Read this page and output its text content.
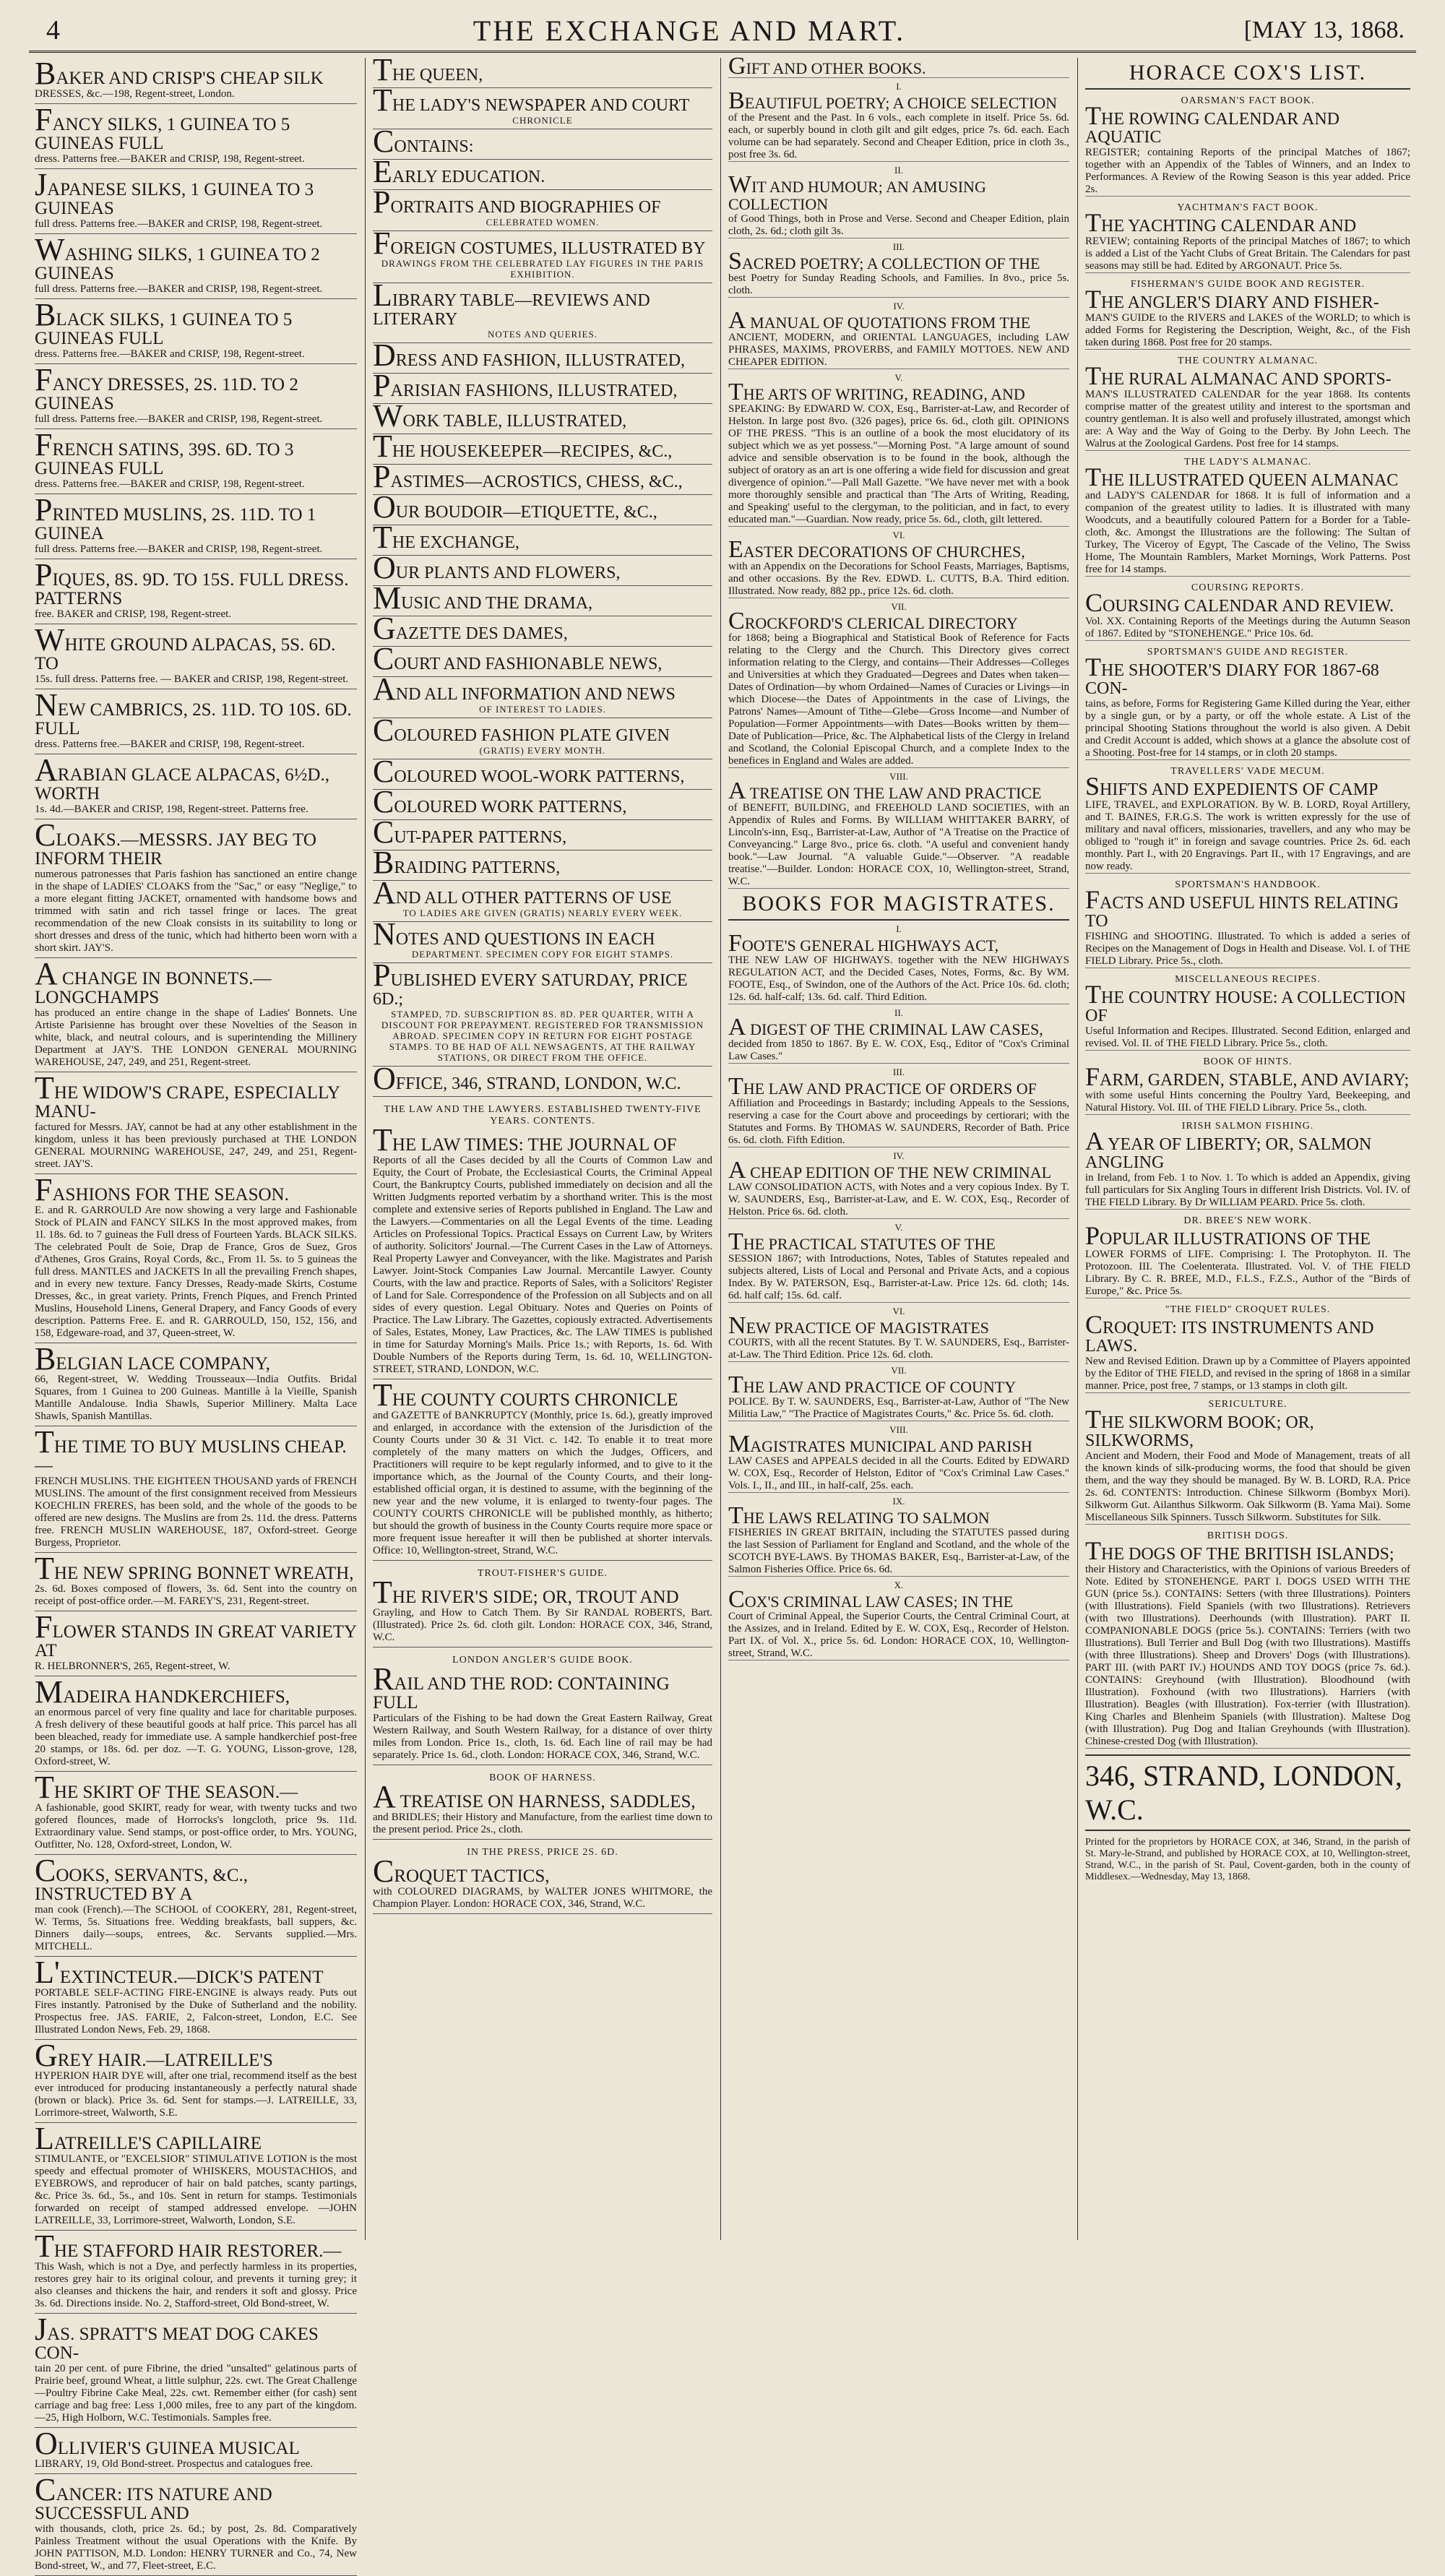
4	THE EXCHANGE AND MART.	[MAY 13, 1868.
BAKER AND CRISP'S CHEAP SILK
DRESSES, &c.—198, Regent-street, London.
FANCY SILKS, 1 GUINEA TO 5 GUINEAS FULL
dress. Patterns free.—BAKER and CRISP, 198, Regent-street.
JAPANESE SILKS, 1 GUINEA TO 3 GUINEAS
full dress. Patterns free.—BAKER and CRISP, 198, Regent-street.
WASHING SILKS, 1 GUINEA TO 2 GUINEAS
full dress. Patterns free.—BAKER and CRISP, 198, Regent-street.
BLACK SILKS, 1 GUINEA TO 5 GUINEAS FULL
dress. Patterns free.—BAKER and CRISP, 198, Regent-street.
FANCY DRESSES, 2S. 11D. TO 2 GUINEAS
full dress. Patterns free.—BAKER and CRISP, 198, Regent-street.
FRENCH SATINS, 39S. 6D. TO 3 GUINEAS FULL
dress. Patterns free.—BAKER and CRISP, 198, Regent-street.
PRINTED MUSLINS, 2S. 11D. TO 1 GUINEA
full dress. Patterns free.—BAKER and CRISP, 198, Regent-street.
PIQUES, 8S. 9D. TO 15S. FULL DRESS. PATTERNS
free. BAKER and CRISP, 198, Regent-street.
WHITE GROUND ALPACAS, 5S. 6D. TO
15s. full dress. Patterns free. — BAKER and CRISP, 198, Regent-street.
NEW CAMBRICS, 2S. 11D. TO 10S. 6D. FULL
dress. Patterns free.—BAKER and CRISP, 198, Regent-street.
ARABIAN GLACE ALPACAS, 6½D., WORTH
1s. 4d.—BAKER and CRISP, 198, Regent-street. Patterns free.
CLOAKS.—MESSRS. JAY BEG TO INFORM THEIR
numerous patronesses that Paris fashion has sanctioned an entire change in the shape of LADIES' CLOAKS from the "Sac," or easy "Neglige," to a more elegant fitting JACKET, ornamented with handsome bows and trimmed with satin and rich tassel fringe or laces. The great recommendation of the new Cloak consists in its suitability to long or short dresses and dress of the tunic, which had hitherto been worn with a short skirt. JAY'S.
A CHANGE IN BONNETS.—LONGCHAMPS
has produced an entire change in the shape of Ladies' Bonnets. Une Artiste Parisienne has brought over these Novelties of the Season in white, black, and neutral colours, and is superintending the Millinery Department at JAY'S. THE LONDON GENERAL MOURNING WAREHOUSE, 247, 249, and 251, Regent-street.
THE WIDOW'S CRAPE, ESPECIALLY MANU-
factured for Messrs. JAY, cannot be had at any other establishment in the kingdom, unless it has been previously purchased at THE LONDON GENERAL MOURNING WAREHOUSE, 247, 249, and 251, Regent-street. JAY'S.
FASHIONS FOR THE SEASON.
E. and R. GARROULD Are now showing a very large and Fashionable Stock of PLAIN and FANCY SILKS In the most approved makes, from 1l. 18s. 6d. to 7 guineas the Full dress of Fourteen Yards. BLACK SILKS. The celebrated Poult de Soie, Drap de France, Gros de Suez, Gros d'Athenes, Gros Grains, Royal Cords, &c., From 1l. 5s. to 5 guineas the full dress. MANTLES and JACKETS In all the prevailing French shapes, and in every new texture. Fancy Dresses, Ready-made Skirts, Costume Dresses, &c., in great variety. Prints, French Piques, and French Printed Muslins, Household Linens, General Drapery, and Fancy Goods of every description. Patterns Free. E. and R. GARROULD, 150, 152, 156, and 158, Edgeware-road, and 37, Queen-street, W.
BELGIAN LACE COMPANY,
66, Regent-street, W. Wedding Trousseaux—India Outfits. Bridal Squares, from 1 Guinea to 200 Guineas. Mantille à la Vieille, Spanish Mantille Andalouse. India Shawls, Superior Millinery. Malta Lace Shawls, Spanish Mantillas.
THE TIME TO BUY MUSLINS CHEAP.—
FRENCH MUSLINS. THE EIGHTEEN THOUSAND yards of FRENCH MUSLINS. The amount of the first consignment received from Messieurs KOECHLIN FRERES, has been sold, and the whole of the goods to be offered are new designs. The Muslins are from 2s. 11d. the dress. Patterns free. FRENCH MUSLIN WAREHOUSE, 187, Oxford-street. George Burgess, Proprietor.
THE NEW SPRING BONNET WREATH,
2s. 6d. Boxes composed of flowers, 3s. 6d. Sent into the country on receipt of post-office order.—M. FAREY'S, 231, Regent-street.
FLOWER STANDS IN GREAT VARIETY AT
R. HELBRONNER'S, 265, Regent-street, W.
MADEIRA HANDKERCHIEFS,
an enormous parcel of very fine quality and lace for charitable purposes. A fresh delivery of these beautiful goods at half price. This parcel has all been bleached, ready for immediate use. A sample handkerchief post-free 20 stamps, or 18s. 6d. per doz. —T. G. YOUNG, Lisson-grove, 128, Oxford-street, W.
THE SKIRT OF THE SEASON.—
A fashionable, good SKIRT, ready for wear, with twenty tucks and two gofered flounces, made of Horrocks's longcloth, price 9s. 11d. Extraordinary value. Send stamps, or post-office order, to Mrs. YOUNG, Outfitter, No. 128, Oxford-street, London, W.
COOKS, SERVANTS, &C., INSTRUCTED BY A
man cook (French).—The SCHOOL of COOKERY, 281, Regent-street, W. Terms, 5s. Situations free. Wedding breakfasts, ball suppers, &c. Dinners daily—soups, entrees, &c. Servants supplied.—Mrs. MITCHELL.
L'EXTINCTEUR.—DICK'S PATENT
PORTABLE SELF-ACTING FIRE-ENGINE is always ready. Puts out Fires instantly. Patronised by the Duke of Sutherland and the nobility. Prospectus free. JAS. FARIE, 2, Falcon-street, London, E.C. See Illustrated London News, Feb. 29, 1868.
GREY HAIR.—LATREILLE'S
HYPERION HAIR DYE will, after one trial, recommend itself as the best ever introduced for producing instantaneously a perfectly natural shade (brown or black). Price 3s. 6d. Sent for stamps.—J. LATREILLE, 33, Lorrimore-street, Walworth, S.E.
LATREILLE'S CAPILLAIRE
STIMULANTE, or "EXCELSIOR" STIMULATIVE LOTION is the most speedy and effectual promoter of WHISKERS, MOUSTACHIOS, and EYEBROWS, and reproducer of hair on bald patches, scanty partings, &c. Price 3s. 6d., 5s., and 10s. Sent in return for stamps. Testimonials forwarded on receipt of stamped addressed envelope. —JOHN LATREILLE, 33, Lorrimore-street, Walworth, London, S.E.
THE STAFFORD HAIR RESTORER.—
This Wash, which is not a Dye, and perfectly harmless in its properties, restores grey hair to its original colour, and prevents it turning grey; it also cleanses and thickens the hair, and renders it soft and glossy. Price 3s. 6d. Directions inside. No. 2, Stafford-street, Old Bond-street, W.
JAS. SPRATT'S MEAT DOG CAKES CON-
tain 20 per cent. of pure Fibrine, the dried "unsalted" gelatinous parts of Prairie beef, ground Wheat, a little sulphur, 22s. cwt. The Great Challenge—Poultry Fibrine Cake Meal, 22s. cwt. Remember either (for cash) sent carriage and bag free: Less 1,000 miles, free to any part of the kingdom.—25, High Holborn, W.C. Testimonials. Samples free.
OLLIVIER'S GUINEA MUSICAL
LIBRARY, 19, Old Bond-street. Prospectus and catalogues free.
CANCER: ITS NATURE AND SUCCESSFUL AND
with thousands, cloth, price 2s. 6d.; by post, 2s. 8d. Comparatively Painless Treatment without the usual Operations with the Knife. By JOHN PATTISON, M.D. London: HENRY TURNER and Co., 74, New Bond-street, W., and 77, Fleet-street, E.C.
THE QUEEN,
THE LADY'S NEWSPAPER AND COURT
CHRONICLE
CONTAINS:
EARLY EDUCATION.
PORTRAITS AND BIOGRAPHIES OF
CELEBRATED WOMEN.
FOREIGN COSTUMES, ILLUSTRATED BY
DRAWINGS FROM THE CELEBRATED LAY FIGURES IN THE PARIS EXHIBITION.
LIBRARY TABLE—REVIEWS AND LITERARY
NOTES AND QUERIES.
DRESS AND FASHION, ILLUSTRATED,
PARISIAN FASHIONS, ILLUSTRATED,
WORK TABLE, ILLUSTRATED,
THE HOUSEKEEPER—RECIPES, &C.,
PASTIMES—ACROSTICS, CHESS, &C.,
OUR BOUDOIR—ETIQUETTE, &C.,
THE EXCHANGE,
OUR PLANTS AND FLOWERS,
MUSIC AND THE DRAMA,
GAZETTE DES DAMES,
COURT AND FASHIONABLE NEWS,
AND ALL INFORMATION AND NEWS
OF INTEREST TO LADIES.
COLOURED FASHION PLATE GIVEN
(GRATIS) EVERY MONTH.
COLOURED WOOL-WORK PATTERNS,
COLOURED WORK PATTERNS,
CUT-PAPER PATTERNS,
BRAIDING PATTERNS,
AND ALL OTHER PATTERNS OF USE
TO LADIES ARE GIVEN (GRATIS) NEARLY EVERY WEEK.
NOTES AND QUESTIONS IN EACH
DEPARTMENT. SPECIMEN COPY FOR EIGHT STAMPS.
PUBLISHED EVERY SATURDAY, PRICE 6D.;
STAMPED, 7D. SUBSCRIPTION 8S. 8D. PER QUARTER, WITH A DISCOUNT FOR PREPAYMENT. REGISTERED FOR TRANSMISSION ABROAD. SPECIMEN COPY IN RETURN FOR EIGHT POSTAGE STAMPS. TO BE HAD OF ALL NEWSAGENTS, AT THE RAILWAY STATIONS, OR DIRECT FROM THE OFFICE.
OFFICE, 346, STRAND, LONDON, W.C.
THE LAW AND THE LAWYERS. ESTABLISHED TWENTY-FIVE YEARS. CONTENTS.
THE LAW TIMES: THE JOURNAL OF
Reports of all the Cases decided by all the Courts of Common Law and Equity, the Court of Probate, the Ecclesiastical Courts, the Criminal Appeal Court, the Bankruptcy Courts, published immediately on decision and all the Written Judgments reported verbatim by a shorthand writer. This is the most complete and extensive series of Reports published in England. The Law and the Lawyers.—Commentaries on all the Legal Events of the time. Leading Articles on Professional Topics. Practical Essays on Current Law, by Writers of authority. Solicitors' Journal.—The Current Cases in the Law of Attorneys. Real Property Lawyer and Conveyancer, with the like. Magistrates and Parish Lawyer. Joint-Stock Companies Law Journal. Mercantile Lawyer. County Courts, with the law and practice. Reports of Sales, with a Solicitors' Register of Land for Sale. Correspondence of the Profession on all Subjects and on all sides of every question. Legal Obituary. Notes and Queries on Points of Practice. The Law Library. The Gazettes, copiously extracted. Advertisements of Sales, Estates, Money, Law Practices, &c. The LAW TIMES is published in time for Saturday Morning's Mails. Price 1s.; with Reports, 1s. 6d. With Double Numbers of the Reports during Term, 1s. 6d. 10, WELLINGTON-STREET, STRAND, LONDON, W.C.
THE COUNTY COURTS CHRONICLE
and GAZETTE of BANKRUPTCY (Monthly, price 1s. 6d.), greatly improved and enlarged, in accordance with the extension of the Jurisdiction of the County Courts under 30 & 31 Vict. c. 142. To enable it to treat more completely of the many matters on which the Judges, Officers, and Practitioners will require to be kept regularly informed, and to give to it the importance which, as the Journal of the County Courts, and their long-established official organ, it is destined to assume, with the beginning of the new year and the new volume, it is enlarged to twenty-four pages. The COUNTY COURTS CHRONICLE will be published monthly, as hitherto; but should the growth of business in the County Courts require more space or more frequent issue hereafter it will then be published at shorter intervals. Office: 10, Wellington-street, Strand, W.C.
TROUT-FISHER'S GUIDE.
THE RIVER'S SIDE; OR, TROUT AND
Grayling, and How to Catch Them. By Sir RANDAL ROBERTS, Bart. (Illustrated). Price 2s. 6d. cloth gilt. London: HORACE COX, 346, Strand, W.C.
LONDON ANGLER'S GUIDE BOOK.
RAIL AND THE ROD: CONTAINING FULL
Particulars of the Fishing to be had down the Great Eastern Railway, Great Western Railway, and South Western Railway, for a distance of over thirty miles from London. Price 1s., cloth, 1s. 6d. Each line of rail may be had separately. Price 1s. 6d., cloth. London: HORACE COX, 346, Strand, W.C.
BOOK OF HARNESS.
A TREATISE ON HARNESS, SADDLES,
and BRIDLES; their History and Manufacture, from the earliest time down to the present period. Price 2s., cloth.
IN THE PRESS, PRICE 2S. 6D.
CROQUET TACTICS,
with COLOURED DIAGRAMS, by WALTER JONES WHITMORE, the Champion Player. London: HORACE COX, 346, Strand, W.C.
GIFT AND OTHER BOOKS.
I.
BEAUTIFUL POETRY; A CHOICE SELECTION
of the Present and the Past. In 6 vols., each complete in itself. Price 5s. 6d. each, or superbly bound in cloth gilt and gilt edges, price 7s. 6d. each. Each volume can be had separately. Second and Cheaper Edition, price in cloth 3s., post free 3s. 6d.
II.
WIT AND HUMOUR; AN AMUSING COLLECTION
of Good Things, both in Prose and Verse. Second and Cheaper Edition, plain cloth, 2s. 6d.; cloth gilt 3s.
III.
SACRED POETRY; A COLLECTION OF THE
best Poetry for Sunday Reading Schools, and Families. In 8vo., price 5s. cloth.
IV.
A MANUAL OF QUOTATIONS FROM THE
ANCIENT, MODERN, and ORIENTAL LANGUAGES, including LAW PHRASES, MAXIMS, PROVERBS, and FAMILY MOTTOES. NEW AND CHEAPER EDITION.
V.
THE ARTS OF WRITING, READING, AND
SPEAKING: By EDWARD W. COX, Esq., Barrister-at-Law, and Recorder of Helston. In large post 8vo. (326 pages), price 6s. 6d., cloth gilt. OPINIONS OF THE PRESS. "This is an outline of a book the most elucidatory of its subject which we as yet possess."—Morning Post. "A large amount of sound advice and sensible observation is to be found in the book, although the subject of oratory as an art is one offering a wide field for discussion and great divergence of opinion."—Pall Mall Gazette. "We have never met with a book more thoroughly sensible and practical than 'The Arts of Writing, Reading, and Speaking' useful to the clergyman, to the politician, and in fact, to every educated man."—Guardian. Now ready, price 5s. 6d., cloth, gilt lettered.
VI.
EASTER DECORATIONS OF CHURCHES,
with an Appendix on the Decorations for School Feasts, Marriages, Baptisms, and other occasions. By the Rev. EDWD. L. CUTTS, B.A. Third edition. Illustrated. Now ready, 882 pp., price 12s. 6d. cloth.
VII.
CROCKFORD'S CLERICAL DIRECTORY
for 1868; being a Biographical and Statistical Book of Reference for Facts relating to the Clergy and the Church. This Directory gives correct information relating to the Clergy, and contains—Their Addresses—Colleges and Universities at which they Graduated—Degrees and Dates when taken—Dates of Ordination—by whom Ordained—Names of Curacies or Livings—in which Diocese—the Dates of Appointments in the case of Livings, the Patrons' Names—Amount of Tithe—Glebe—Gross Income—and Number of Population—Former Appointments—with Dates—Books written by them—Date of Publication—Price, &c. The Alphabetical lists of the Clergy in Ireland and Scotland, the Colonial Episcopal Church, and a complete Index to the benefices in England and Wales are added.
VIII.
A TREATISE ON THE LAW AND PRACTICE
of BENEFIT, BUILDING, and FREEHOLD LAND SOCIETIES, with an Appendix of Rules and Forms. By WILLIAM WHITTAKER BARRY, of Lincoln's-inn, Esq., Barrister-at-Law, Author of "A Treatise on the Practice of Conveyancing." Large 8vo., price 6s. cloth. "A useful and convenient handy book."—Law Journal. "A valuable Guide."—Observer. "A readable treatise."—Builder. London: HORACE COX, 10, Wellington-street, Strand, W.C.
BOOKS FOR MAGISTRATES.
I.
FOOTE'S GENERAL HIGHWAYS ACT,
THE NEW LAW OF HIGHWAYS. together with the NEW HIGHWAYS REGULATION ACT, and the Decided Cases, Notes, Forms, &c. By WM. FOOTE, Esq., of Swindon, one of the Authors of the Act. Price 10s. 6d. cloth; 12s. 6d. half-calf; 13s. 6d. calf. Third Edition.
II.
A DIGEST OF THE CRIMINAL LAW CASES,
decided from 1850 to 1867. By E. W. COX, Esq., Editor of "Cox's Criminal Law Cases."
III.
THE LAW AND PRACTICE OF ORDERS OF
Affiliation and Proceedings in Bastardy; including Appeals to the Sessions, reserving a case for the Court above and proceedings by certiorari; with the Statutes and Forms. By THOMAS W. SAUNDERS, Recorder of Bath. Price 6s. 6d. cloth. Fifth Edition.
IV.
A CHEAP EDITION OF THE NEW CRIMINAL
LAW CONSOLIDATION ACTS, with Notes and a very copious Index. By T. W. SAUNDERS, Esq., Barrister-at-Law, and E. W. COX, Esq., Recorder of Helston. Price 6s. 6d. cloth.
V.
THE PRACTICAL STATUTES OF THE
SESSION 1867; with Introductions, Notes, Tables of Statutes repealed and subjects altered, Lists of Local and Personal and Private Acts, and a copious Index. By W. PATERSON, Esq., Barrister-at-Law. Price 12s. 6d. cloth; 14s. 6d. half calf; 15s. 6d. calf.
VI.
NEW PRACTICE OF MAGISTRATES
COURTS, with all the recent Statutes. By T. W. SAUNDERS, Esq., Barrister-at-Law. The Third Edition. Price 12s. 6d. cloth.
VII.
THE LAW AND PRACTICE OF COUNTY
POLICE. By T. W. SAUNDERS, Esq., Barrister-at-Law, Author of "The New Militia Law," "The Practice of Magistrates Courts," &c. Price 5s. 6d. cloth.
VIII.
MAGISTRATES MUNICIPAL AND PARISH
LAW CASES and APPEALS decided in all the Courts. Edited by EDWARD W. COX, Esq., Recorder of Helston, Editor of "Cox's Criminal Law Cases." Vols. I., II., and III., in half-calf, 25s. each.
IX.
THE LAWS RELATING TO SALMON
FISHERIES IN GREAT BRITAIN, including the STATUTES passed during the last Session of Parliament for England and Scotland, and the whole of the SCOTCH BYE-LAWS. By THOMAS BAKER, Esq., Barrister-at-Law, of the Salmon Fisheries Office. Price 6s. 6d.
X.
COX'S CRIMINAL LAW CASES; IN THE
Court of Criminal Appeal, the Superior Courts, the Central Criminal Court, at the Assizes, and in Ireland. Edited by E. W. COX, Esq., Recorder of Helston. Part IX. of Vol. X., price 5s. 6d. London: HORACE COX, 10, Wellington-street, Strand, W.C.
HORACE COX'S LIST.
OARSMAN'S FACT BOOK.
THE ROWING CALENDAR AND AQUATIC
REGISTER; containing Reports of the principal Matches of 1867; together with an Appendix of the Tables of Winners, and an Index to Performances. A Review of the Rowing Season is this year added. Price 2s.
YACHTMAN'S FACT BOOK.
THE YACHTING CALENDAR AND
REVIEW; containing Reports of the principal Matches of 1867; to which is added a List of the Yacht Clubs of Great Britain. The Calendars for past seasons may still be had. Edited by ARGONAUT. Price 5s.
FISHERMAN'S GUIDE BOOK AND REGISTER.
THE ANGLER'S DIARY AND FISHER-
MAN'S GUIDE to the RIVERS and LAKES of the WORLD; to which is added Forms for Registering the Description, Weight, &c., of the Fish taken during 1868. Post free for 20 stamps.
THE COUNTRY ALMANAC.
THE RURAL ALMANAC AND SPORTS-
MAN'S ILLUSTRATED CALENDAR for the year 1868. Its contents comprise matter of the greatest utility and interest to the sportsman and country gentleman. It is also well and profusely illustrated, amongst which are: A Way and the Way of Going to the Derby. By John Leech. The Walrus at the Zoological Gardens. Post free for 14 stamps.
THE LADY'S ALMANAC.
THE ILLUSTRATED QUEEN ALMANAC
and LADY'S CALENDAR for 1868. It is full of information and a companion of the greatest utility to ladies. It is illustrated with many Woodcuts, and a beautifully coloured Pattern for a Border for a Table-cloth, &c. Amongst the Illustrations are the following: The Sultan of Turkey, The Viceroy of Egypt, The Cascade of the Velino, The Swiss Home, The Mountain Ramblers, Market Mornings, Work Patterns. Post free for 14 stamps.
COURSING REPORTS.
COURSING CALENDAR AND REVIEW.
Vol. XX. Containing Reports of the Meetings during the Autumn Season of 1867. Edited by "STONEHENGE." Price 10s. 6d.
SPORTSMAN'S GUIDE AND REGISTER.
THE SHOOTER'S DIARY FOR 1867-68 CON-
tains, as before, Forms for Registering Game Killed during the Year, either by a single gun, or by a party, or off the whole estate. A List of the principal Shooting Stations throughout the world is also given. A Debit and Credit Account is added, which shows at a glance the absolute cost of a Shooting. Post-free for 14 stamps, or in cloth 20 stamps.
TRAVELLERS' VADE MECUM.
SHIFTS AND EXPEDIENTS OF CAMP
LIFE, TRAVEL, and EXPLORATION. By W. B. LORD, Royal Artillery, and T. BAINES, F.R.G.S. The work is written expressly for the use of military and naval officers, missionaries, travellers, and any who may be obliged to "rough it" in foreign and savage countries. Price 2s. 6d. each monthly. Part I., with 20 Engravings. Part II., with 17 Engravings, and are now ready.
SPORTSMAN'S HANDBOOK.
FACTS AND USEFUL HINTS RELATING TO
FISHING and SHOOTING. Illustrated. To which is added a series of Recipes on the Management of Dogs in Health and Disease. Vol. I. of THE FIELD Library. Price 5s., cloth.
MISCELLANEOUS RECIPES.
THE COUNTRY HOUSE: A COLLECTION OF
Useful Information and Recipes. Illustrated. Second Edition, enlarged and revised. Vol. II. of THE FIELD Library. Price 5s., cloth.
BOOK OF HINTS.
FARM, GARDEN, STABLE, AND AVIARY;
with some useful Hints concerning the Poultry Yard, Beekeeping, and Natural History. Vol. III. of THE FIELD Library. Price 5s., cloth.
IRISH SALMON FISHING.
A YEAR OF LIBERTY; OR, SALMON ANGLING
in Ireland, from Feb. 1 to Nov. 1. To which is added an Appendix, giving full particulars for Six Angling Tours in different Irish Districts. Vol. IV. of THE FIELD Library. By Dr WILLIAM PEARD. Price 5s. cloth.
DR. BREE'S NEW WORK.
POPULAR ILLUSTRATIONS OF THE
LOWER FORMS of LIFE. Comprising: I. The Protophyton. II. The Protozoon. III. The Coelenterata. Illustrated. Vol. V. of THE FIELD Library. By C. R. BREE, M.D., F.L.S., F.Z.S., Author of the "Birds of Europe," &c. Price 5s.
"THE FIELD" CROQUET RULES.
CROQUET: ITS INSTRUMENTS AND LAWS.
New and Revised Edition. Drawn up by a Committee of Players appointed by the Editor of THE FIELD, and revised in the spring of 1868 in a similar manner. Price, post free, 7 stamps, or 13 stamps in cloth gilt.
SERICULTURE.
THE SILKWORM BOOK; OR, SILKWORMS,
Ancient and Modern, their Food and Mode of Management, treats of all the known kinds of silk-producing worms, the food that should be given them, and the way they should be managed. By W. B. LORD, R.A. Price 2s. 6d. CONTENTS: Introduction. Chinese Silkworm (Bombyx Mori). Silkworm Gut. Ailanthus Silkworm. Oak Silkworm (B. Yama Mai). Some Miscellaneous Silk Spinners. Tussch Silkworm. Substitutes for Silk.
BRITISH DOGS.
THE DOGS OF THE BRITISH ISLANDS;
their History and Characteristics, with the Opinions of various Breeders of Note. Edited by STONEHENGE. PART I. DOGS USED WITH THE GUN (price 5s.). CONTAINS: Setters (with three Illustrations). Pointers (with Illustrations). Field Spaniels (with two Illustrations). Retrievers (with two Illustrations). Deerhounds (with Illustration). PART II. COMPANIONABLE DOGS (price 5s.). CONTAINS: Terriers (with two Illustrations). Bull Terrier and Bull Dog (with two Illustrations). Mastiffs (with three Illustrations). Sheep and Drovers' Dogs (with Illustrations). PART III. (with PART IV.) HOUNDS AND TOY DOGS (price 7s. 6d.). CONTAINS: Greyhound (with Illustration). Bloodhound (with Illustration). Foxhound (with two Illustrations). Harriers (with Illustration). Beagles (with Illustration). Fox-terrier (with Illustration). King Charles and Blenheim Spaniels (with Illustration). Maltese Dog (with Illustration). Pug Dog and Italian Greyhounds (with Illustration). Chinese-crested Dog (with Illustration).
346, STRAND, LONDON, W.C.
Printed for the proprietors by HORACE COX, at 346, Strand, in the parish of St. Mary-le-Strand, and published by HORACE COX, at 10, Wellington-street, Strand, W.C., in the parish of St. Paul, Covent-garden, both in the county of Middlesex.—Wednesday, May 13, 1868.
